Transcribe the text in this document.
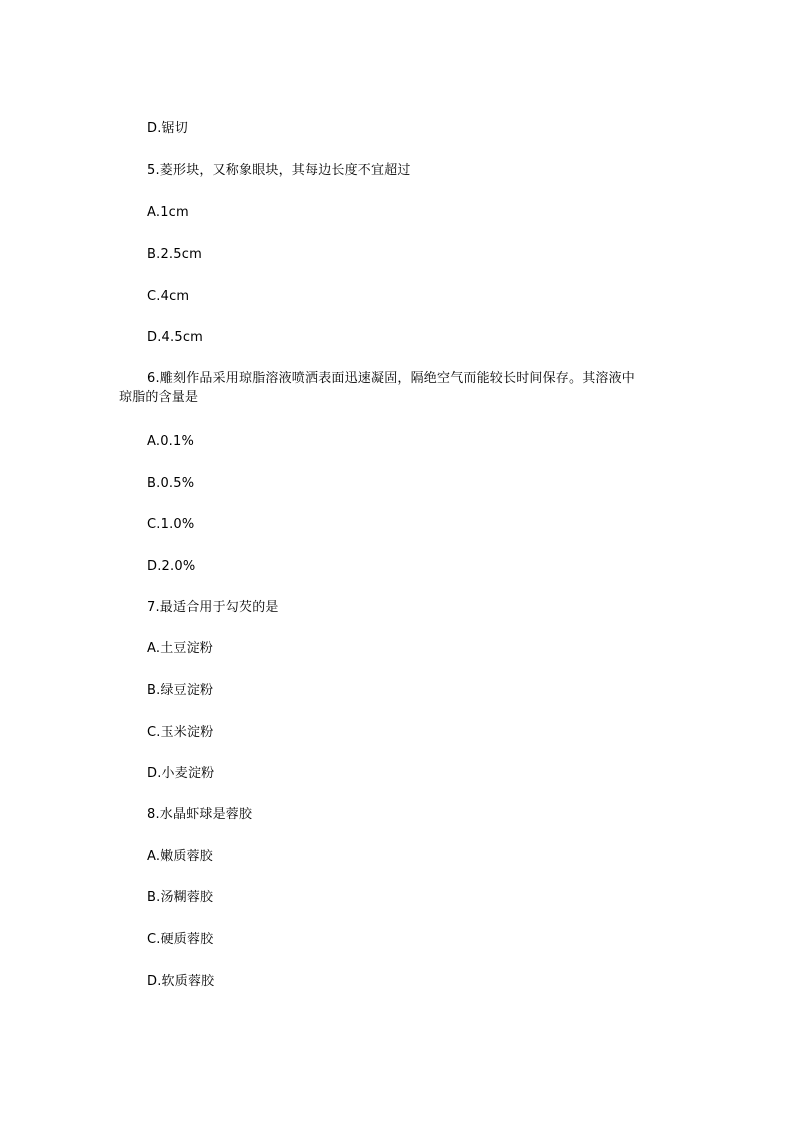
D.锯切
5.菱形块，又称象眼块，其每边长度不宜超过
A.1cm
B.2.5cm
C.4cm
D.4.5cm
6.雕刻作品采用琼脂溶液喷洒表面迅速凝固，隔绝空气而能较长时间保存。其溶液中
琼脂的含量是
A.0.1%
B.0.5%
C.1.0%
D.2.0%
7.最适合用于勾芡的是
A.土豆淀粉
B.绿豆淀粉
C.玉米淀粉
D.小麦淀粉
8.水晶虾球是蓉胶
A.嫩质蓉胶
B.汤糊蓉胶
C.硬质蓉胶
D.软质蓉胶
